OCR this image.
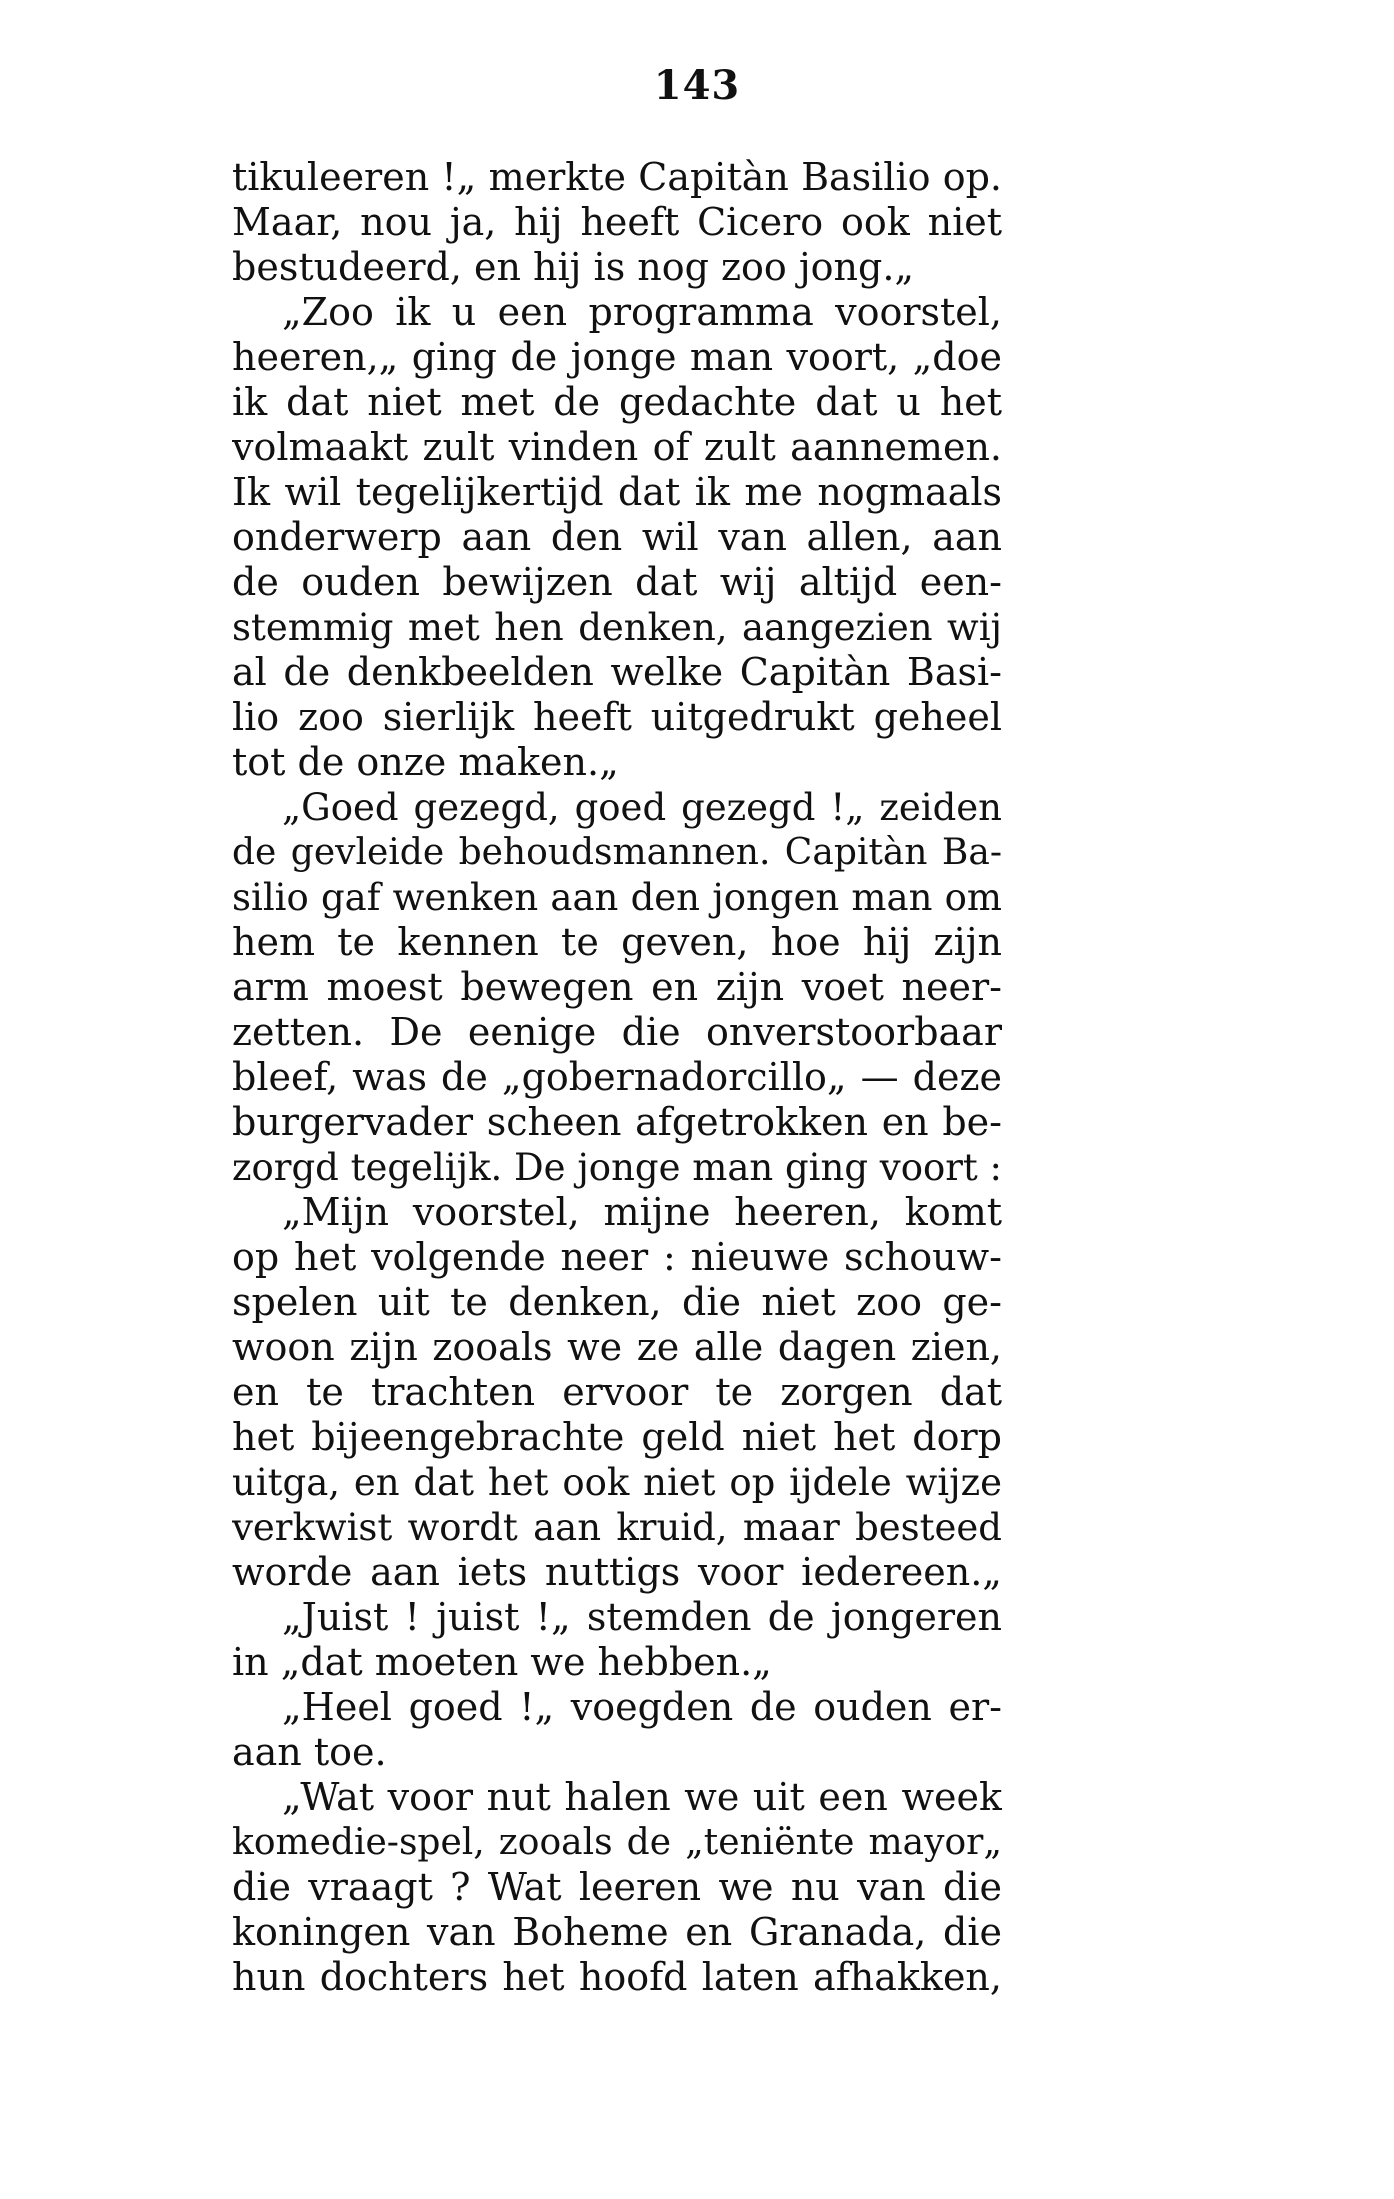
143
tikuleeren !„ merkte Capitàn Basilio op.
Maar, nou ja, hij heeft Cicero ook niet
bestudeerd, en hij is nog zoo jong.„
„Zoo ik u een programma voorstel,
heeren,„ ging de jonge man voort, „doe
ik dat niet met de gedachte dat u het
volmaakt zult vinden of zult aannemen.
Ik wil tegelijkertijd dat ik me nogmaals
onderwerp aan den wil van allen, aan
de ouden bewijzen dat wij altijd een-
stemmig met hen denken, aangezien wij
al de denkbeelden welke Capitàn Basi-
lio zoo sierlijk heeft uitgedrukt geheel
tot de onze maken.„
„Goed gezegd, goed gezegd !„ zeiden
de gevleide behoudsmannen. Capitàn Ba-
silio gaf wenken aan den jongen man om
hem te kennen te geven, hoe hij zijn
arm moest bewegen en zijn voet neer-
zetten. De eenige die onverstoorbaar
bleef, was de „gobernadorcillo„ — deze
burgervader scheen afgetrokken en be-
zorgd tegelijk. De jonge man ging voort :
„Mijn voorstel, mijne heeren, komt
op het volgende neer : nieuwe schouw-
spelen uit te denken, die niet zoo ge-
woon zijn zooals we ze alle dagen zien,
en te trachten ervoor te zorgen dat
het bijeengebrachte geld niet het dorp
uitga, en dat het ook niet op ijdele wijze
verkwist wordt aan kruid, maar besteed
worde aan iets nuttigs voor iedereen.„
„Juist ! juist !„ stemden de jongeren
in „dat moeten we hebben.„
„Heel goed !„ voegden de ouden er-
aan toe.
„Wat voor nut halen we uit een week
komedie-spel, zooals de „teniënte mayor„
die vraagt ? Wat leeren we nu van die
koningen van Boheme en Granada, die
hun dochters het hoofd laten afhakken,
